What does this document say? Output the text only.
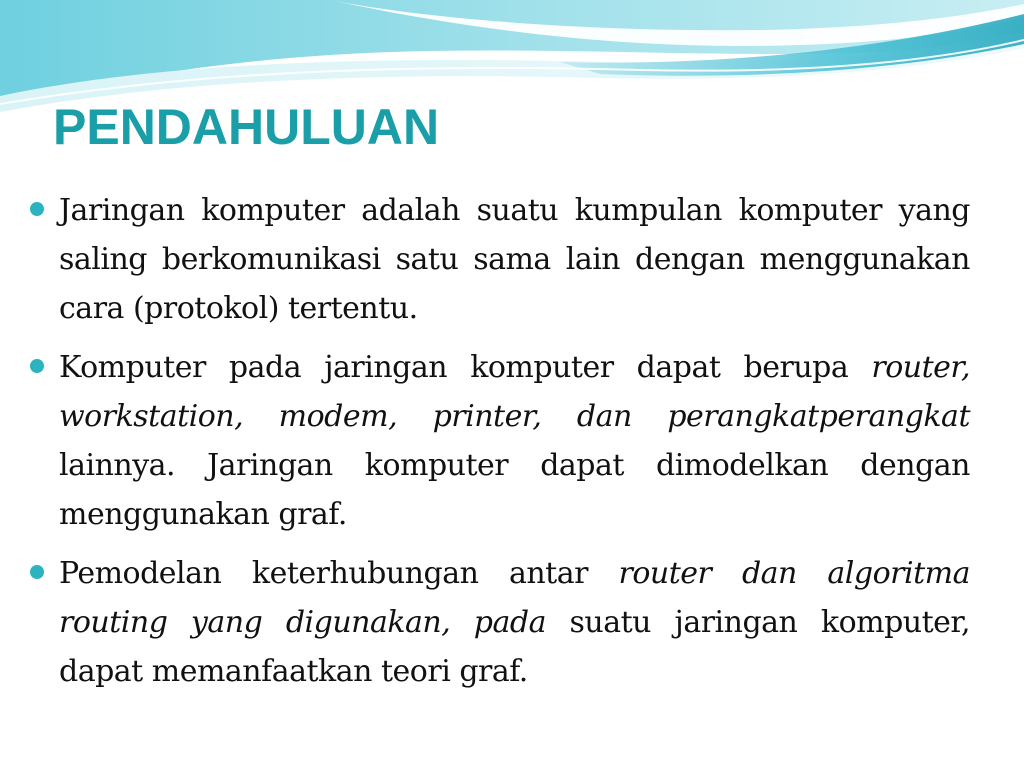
PENDAHULUAN

Jaringan komputer adalah suatu kumpulan komputer yang saling berkomunikasi satu sama lain dengan menggunakan cara (protokol) tertentu.

Komputer pada jaringan komputer dapat berupa router, workstation, modem, printer, dan perangkatperangkat lainnya. Jaringan komputer dapat dimodelkan dengan menggunakan graf.

Pemodelan keterhubungan antar router dan algoritma routing yang digunakan, pada suatu jaringan komputer, dapat memanfaatkan teori graf.
